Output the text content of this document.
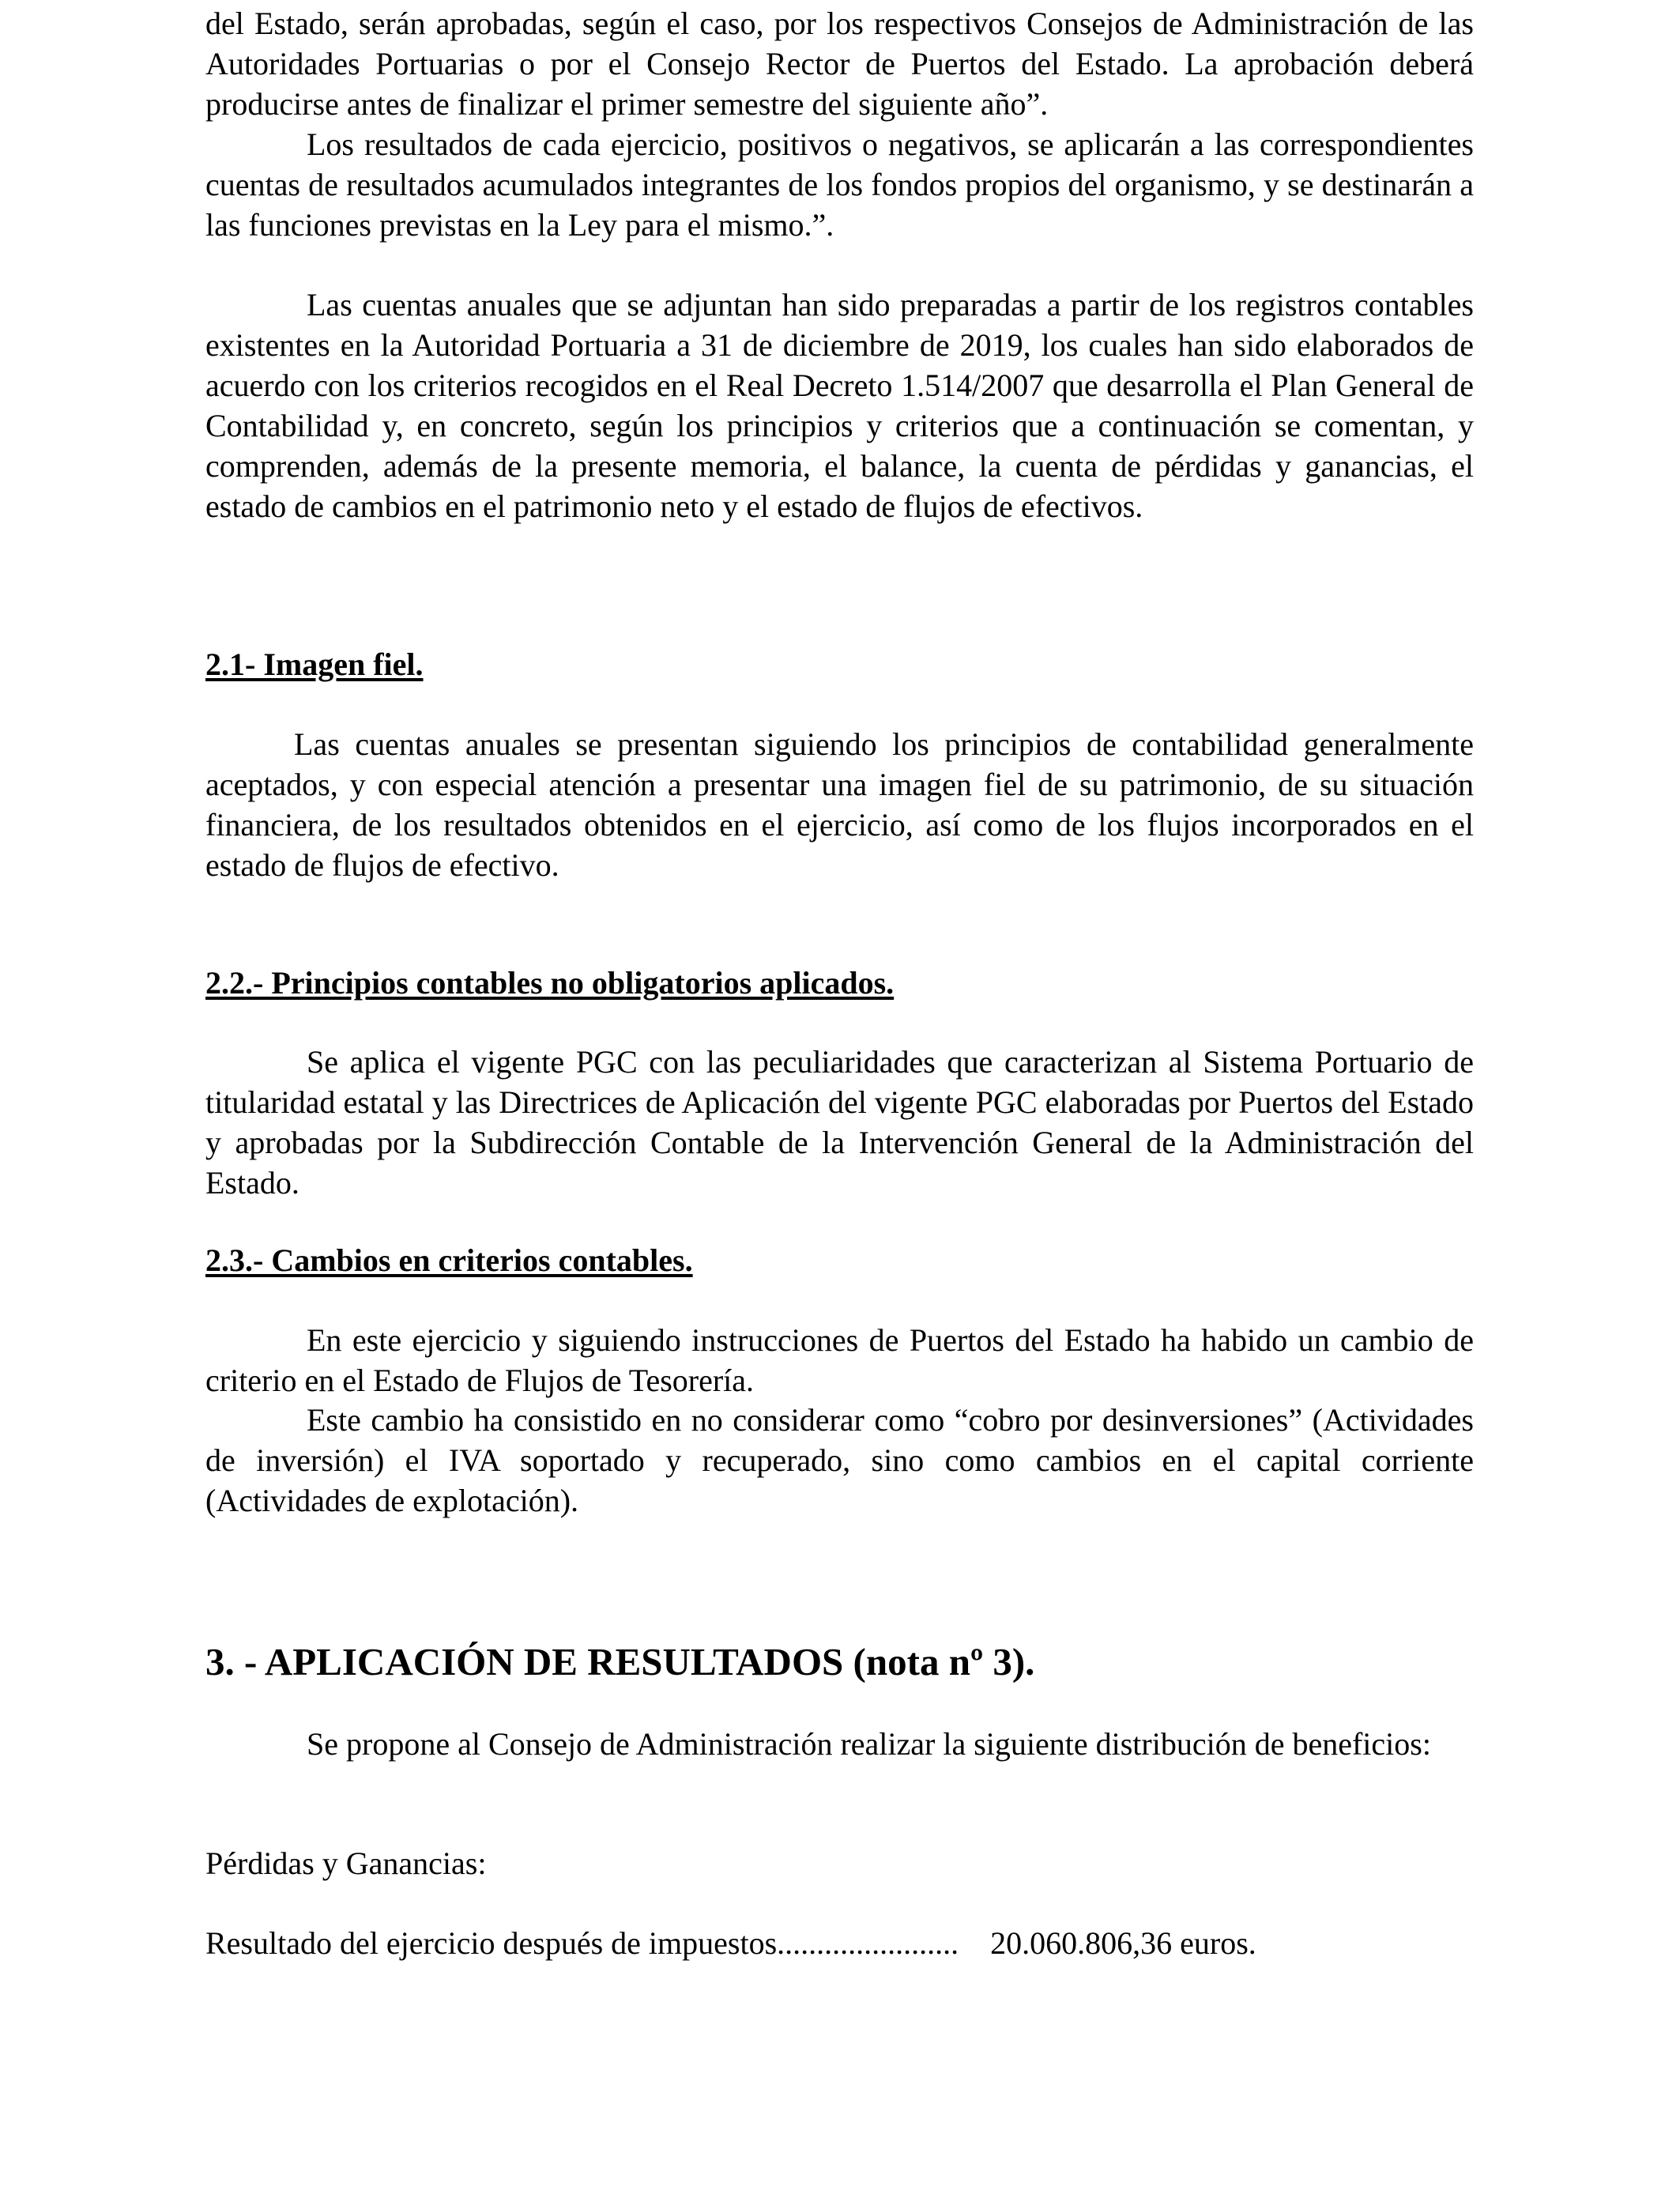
del Estado, serán aprobadas, según el caso, por los respectivos Consejos de Administración de las Autoridades Portuarias o por el Consejo Rector de Puertos del Estado. La aprobación deberá producirse antes de finalizar el primer semestre del siguiente año”.

Los resultados de cada ejercicio, positivos o negativos, se aplicarán a las correspondientes cuentas de resultados acumulados integrantes de los fondos propios del organismo, y se destinarán a las funciones previstas en la Ley para el mismo.”.

Las cuentas anuales que se adjuntan han sido preparadas a partir de los registros contables existentes en la Autoridad Portuaria a 31 de diciembre de 2019, los cuales han sido elaborados de acuerdo con los criterios recogidos en el Real Decreto 1.514/2007 que desarrolla el Plan General de Contabilidad y, en concreto, según los principios y criterios que a continuación se comentan, y comprenden, además de la presente memoria, el balance, la cuenta de pérdidas y ganancias, el estado de cambios en el patrimonio neto y el estado de flujos de efectivos.

2.1- Imagen fiel.

Las cuentas anuales se presentan siguiendo los principios de contabilidad generalmente aceptados, y con especial atención a presentar una imagen fiel de su patrimonio, de su situación financiera, de los resultados obtenidos en el ejercicio, así como de los flujos incorporados en el estado de flujos de efectivo.

2.2.- Principios contables no obligatorios aplicados.

Se aplica el vigente PGC con las peculiaridades que caracterizan al Sistema Portuario de titularidad estatal y las Directrices de Aplicación del vigente PGC elaboradas por Puertos del Estado y aprobadas por la Subdirección Contable de la Intervención General de la Administración del Estado.

2.3.- Cambios en criterios contables.

En este ejercicio y siguiendo instrucciones de Puertos del Estado ha habido un cambio de criterio en el Estado de Flujos de Tesorería.

Este cambio ha consistido en no considerar como “cobro por desinversiones” (Actividades de inversión) el IVA soportado y recuperado, sino como cambios en el capital corriente (Actividades de explotación).

3. - APLICACIÓN DE RESULTADOS (nota nº 3).

Se propone al Consejo de Administración realizar la siguiente distribución de beneficios:

Pérdidas y Ganancias:

Resultado del ejercicio después de impuestos....................... 20.060.806,36 euros.
